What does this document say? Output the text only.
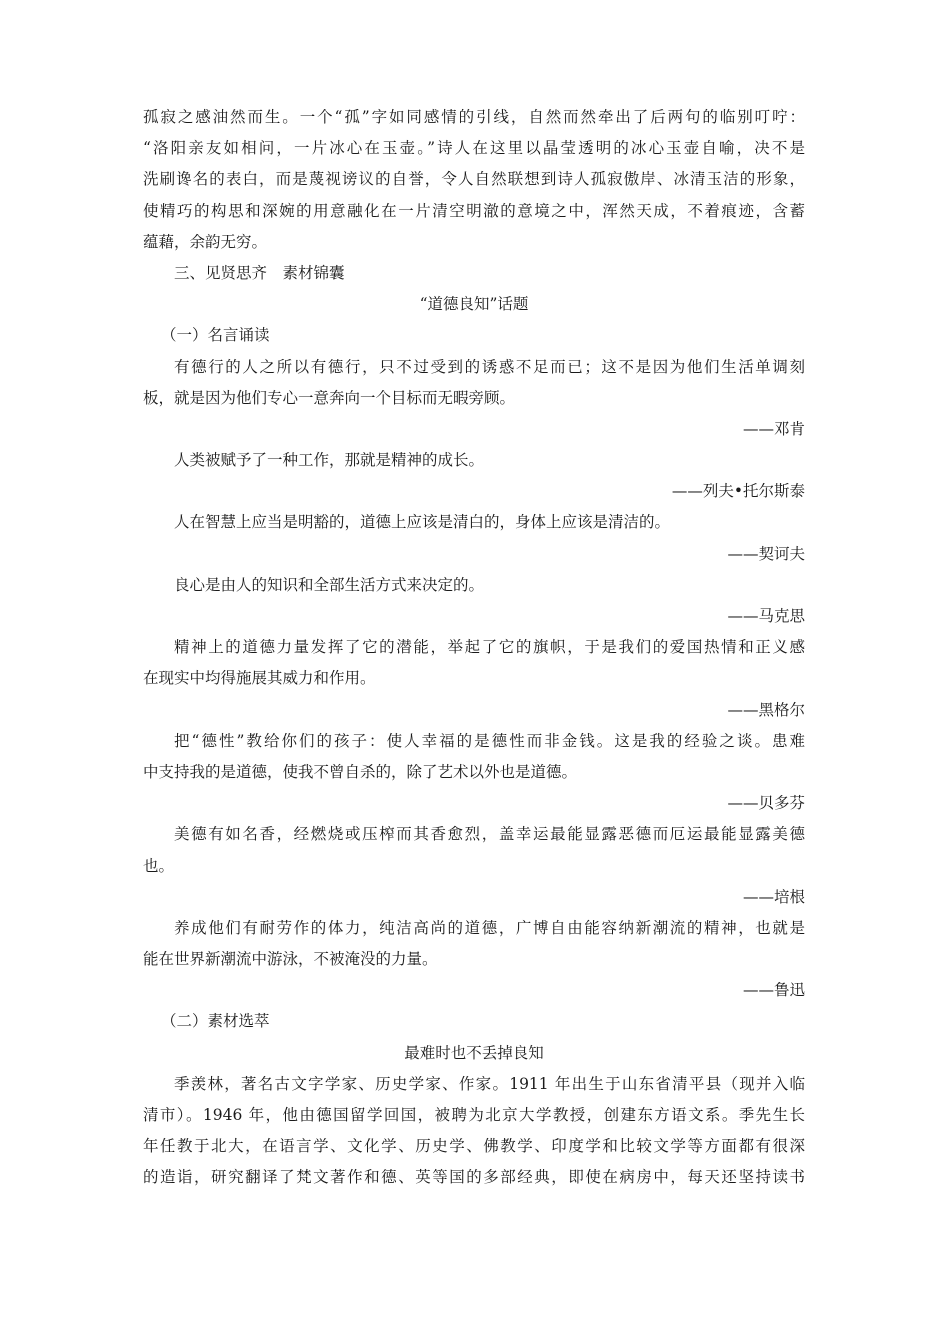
孤寂之感油然而生。一个“孤”字如同感情的引线，自然而然牵出了后两句的临别叮咛：
“洛阳亲友如相问，一片冰心在玉壶。”诗人在这里以晶莹透明的冰心玉壶自喻，决不是
洗刷谗名的表白，而是蔑视谤议的自誉，令人自然联想到诗人孤寂傲岸、冰清玉洁的形象，
使精巧的构思和深婉的用意融化在一片清空明澈的意境之中，浑然天成，不着痕迹，含蓄
蕴藉，余韵无穷。
三、见贤思齐　素材锦囊
“道德良知”话题
（一）名言诵读
有德行的人之所以有德行，只不过受到的诱惑不足而已；这不是因为他们生活单调刻
板，就是因为他们专心一意奔向一个目标而无暇旁顾。
——邓肯
人类被赋予了一种工作，那就是精神的成长。
——列夫•托尔斯泰
人在智慧上应当是明豁的，道德上应该是清白的，身体上应该是清洁的。
——契诃夫
良心是由人的知识和全部生活方式来决定的。
——马克思
精神上的道德力量发挥了它的潜能，举起了它的旗帜，于是我们的爱国热情和正义感
在现实中均得施展其威力和作用。
——黑格尔
把“德性”教给你们的孩子：使人幸福的是德性而非金钱。这是我的经验之谈。患难
中支持我的是道德，使我不曾自杀的，除了艺术以外也是道德。
——贝多芬
美德有如名香，经燃烧或压榨而其香愈烈，盖幸运最能显露恶德而厄运最能显露美德
也。
——培根
养成他们有耐劳作的体力，纯洁高尚的道德，广博自由能容纳新潮流的精神，也就是
能在世界新潮流中游泳，不被淹没的力量。
——鲁迅
（二）素材选萃
最难时也不丢掉良知
季羡林，著名古文字学家、历史学家、作家。1911 年出生于山东省清平县（现并入临
清市）。1946 年，他由德国留学回国，被聘为北京大学教授，创建东方语文系。季先生长
年任教于北大，在语言学、文化学、历史学、佛教学、印度学和比较文学等方面都有很深
的造诣，研究翻译了梵文著作和德、英等国的多部经典，即使在病房中，每天还坚持读书
